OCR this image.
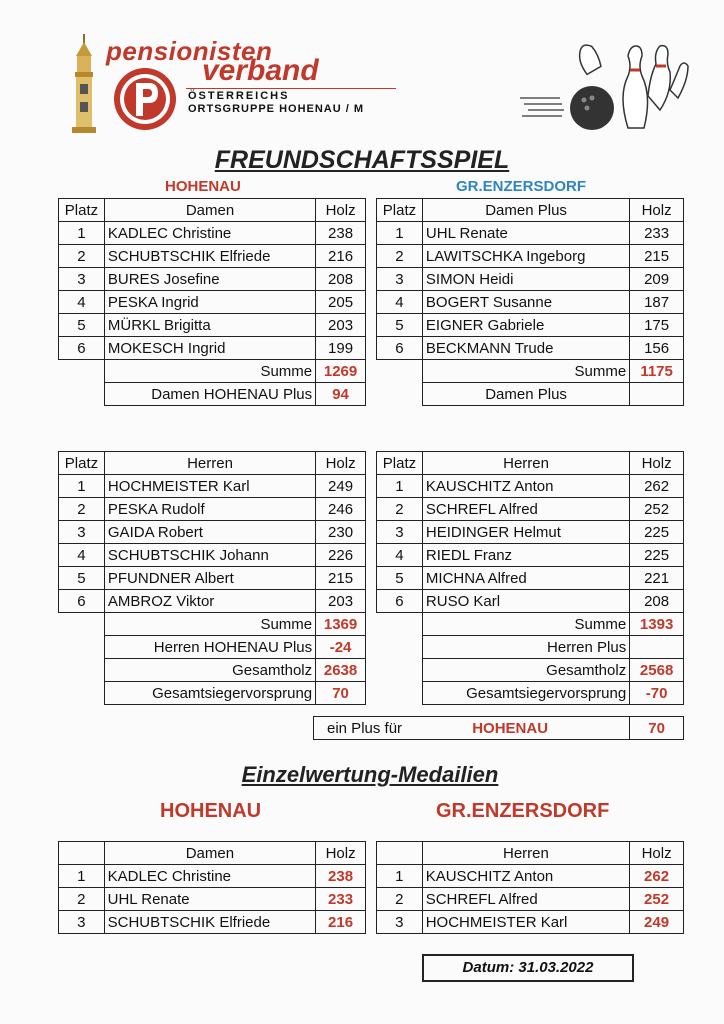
pensionisten
verband
ÖSTERREICHS
ORTSGRUPPE HOHENAU / M
FREUNDSCHAFTSSPIEL
HOHENAU	GR.ENZERSDORF
Platz	Damen	Holz
1	KADLEC Christine	238
2	SCHUBTSCHIK Elfriede	216
3	BURES Josefine	208
4	PESKA Ingrid	205
5	MÜRKL Brigitta	203
6	MOKESCH Ingrid	199
	Summe	1269
	Damen HOHENAU Plus	94
Platz	Damen Plus	Holz
1	UHL Renate	233
2	LAWITSCHKA Ingeborg	215
3	SIMON Heidi	209
4	BOGERT Susanne	187
5	EIGNER Gabriele	175
6	BECKMANN Trude	156
	Summe	1175
	Damen Plus	
Platz	Herren	Holz
1	HOCHMEISTER Karl	249
2	PESKA Rudolf	246
3	GAIDA Robert	230
4	SCHUBTSCHIK Johann	226
5	PFUNDNER Albert	215
6	AMBROZ Viktor	203
	Summe	1369
	Herren HOHENAU Plus	-24
	Gesamtholz	2638
	Gesamtsiegervorsprung	70
Platz	Herren	Holz
1	KAUSCHITZ Anton	262
2	SCHREFL Alfred	252
3	HEIDINGER Helmut	225
4	RIEDL Franz	225
5	MICHNA Alfred	221
6	RUSO Karl	208
	Summe	1393
	Herren Plus	
	Gesamtholz	2568
	Gesamtsiegervorsprung	-70
ein Plus für	HOHENAU	70
Einzelwertung-Medailien
HOHENAU	GR.ENZERSDORF
	Damen	Holz
1	KADLEC Christine	238
2	UHL Renate	233
3	SCHUBTSCHIK Elfriede	216
	Herren	Holz
1	KAUSCHITZ Anton	262
2	SCHREFL Alfred	252
3	HOCHMEISTER Karl	249
Datum: 31.03.2022
